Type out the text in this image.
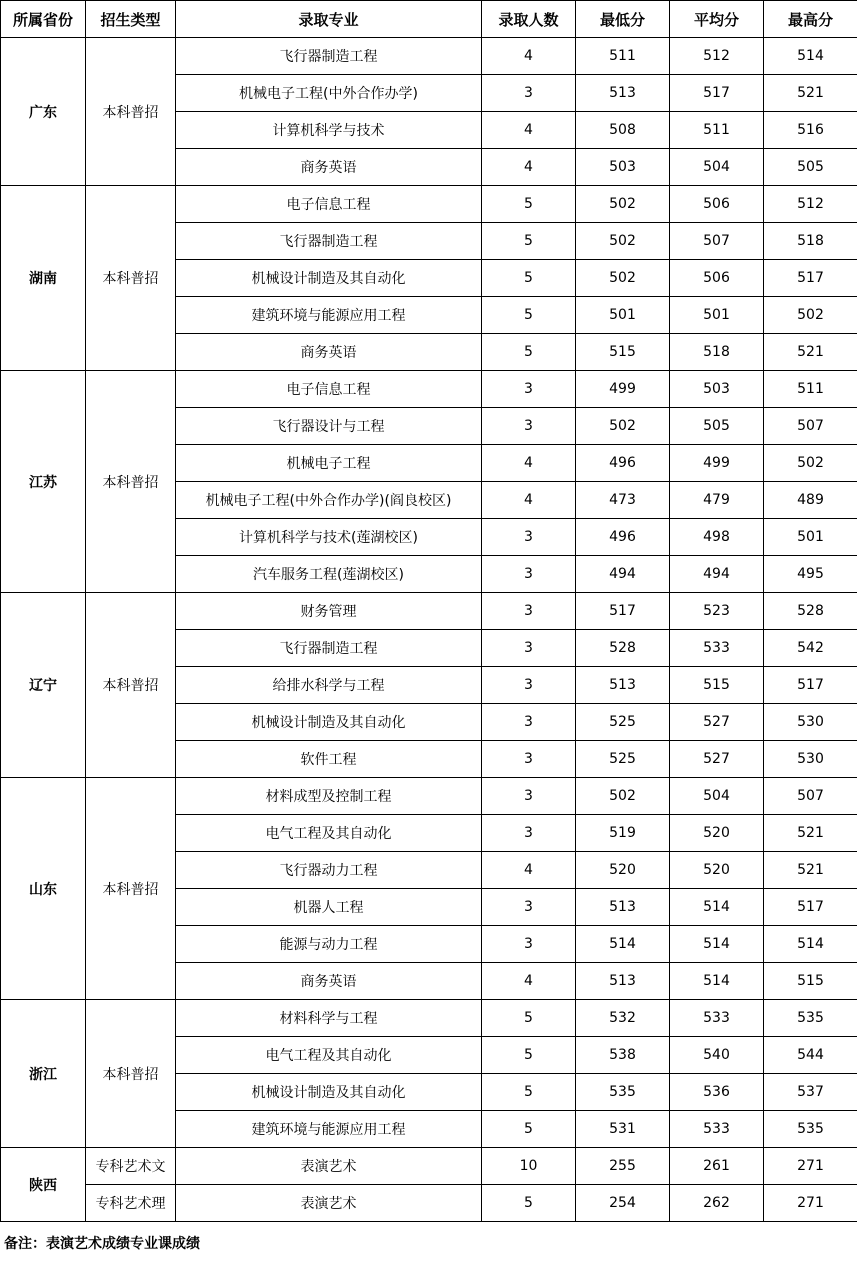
所属省份	招生类型	录取专业	录取人数	最低分	平均分	最高分
广东	本科普招	飞行器制造工程	4	511	512	514
		机械电子工程(中外合作办学)	3	513	517	521
		计算机科学与技术	4	508	511	516
		商务英语	4	503	504	505
湖南	本科普招	电子信息工程	5	502	506	512
		飞行器制造工程	5	502	507	518
		机械设计制造及其自动化	5	502	506	517
		建筑环境与能源应用工程	5	501	501	502
		商务英语	5	515	518	521
江苏	本科普招	电子信息工程	3	499	503	511
		飞行器设计与工程	3	502	505	507
		机械电子工程	4	496	499	502
		机械电子工程(中外合作办学)(阎良校区)	4	473	479	489
		计算机科学与技术(莲湖校区)	3	496	498	501
		汽车服务工程(莲湖校区)	3	494	494	495
辽宁	本科普招	财务管理	3	517	523	528
		飞行器制造工程	3	528	533	542
		给排水科学与工程	3	513	515	517
		机械设计制造及其自动化	3	525	527	530
		软件工程	3	525	527	530
山东	本科普招	材料成型及控制工程	3	502	504	507
		电气工程及其自动化	3	519	520	521
		飞行器动力工程	4	520	520	521
		机器人工程	3	513	514	517
		能源与动力工程	3	514	514	514
		商务英语	4	513	514	515
浙江	本科普招	材料科学与工程	5	532	533	535
		电气工程及其自动化	5	538	540	544
		机械设计制造及其自动化	5	535	536	537
		建筑环境与能源应用工程	5	531	533	535
陕西	专科艺术文	表演艺术	10	255	261	271
	专科艺术理	表演艺术	5	254	262	271
备注：表演艺术成绩专业课成绩
